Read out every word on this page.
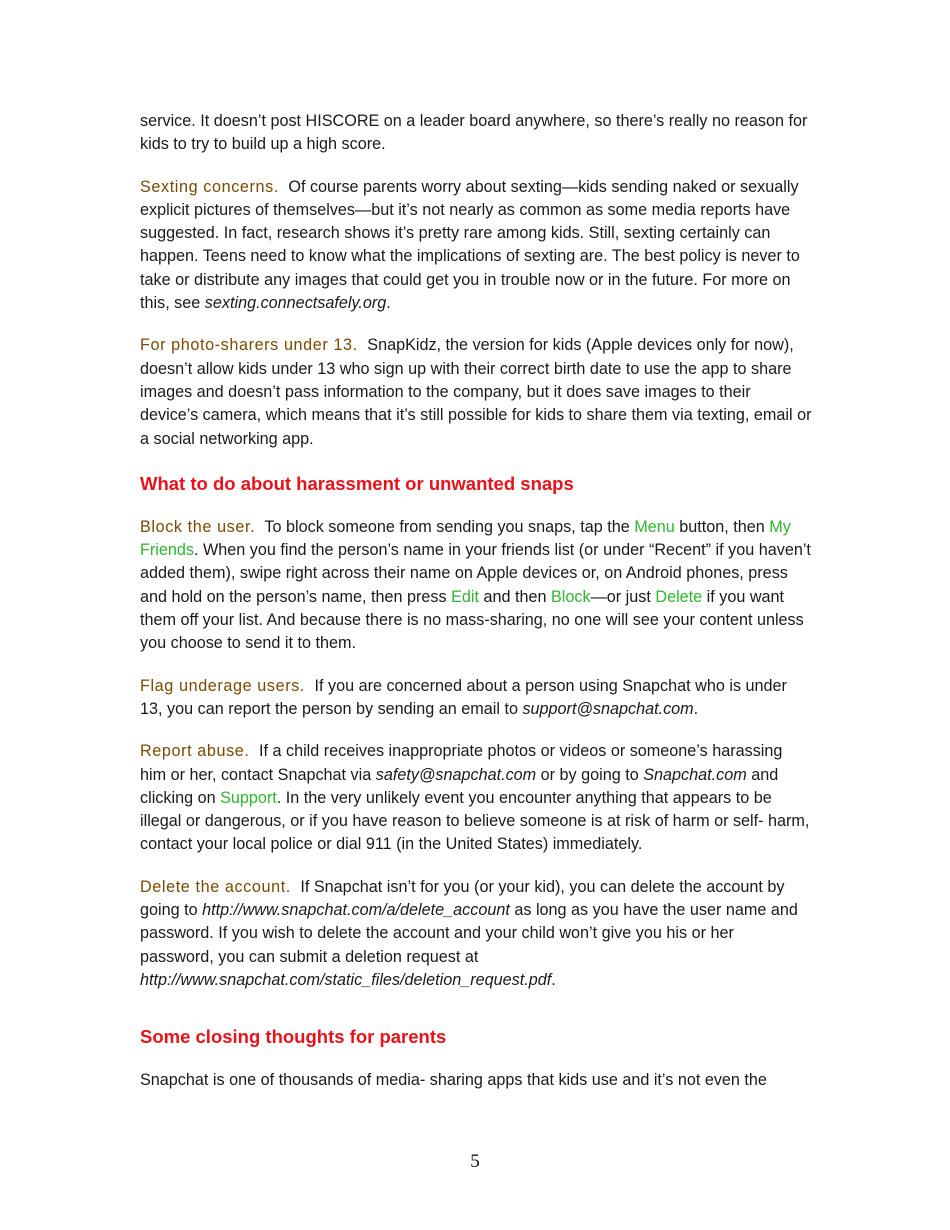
service. It doesn’t post HISCORE on a leader board anywhere, so there’s really no reason for kids to try to build up a high score.

Sexting concerns. Of course parents worry about sexting—kids sending naked or sexually explicit pictures of themselves—but it’s not nearly as common as some media reports have suggested. In fact, research shows it’s pretty rare among kids. Still, sexting certainly can happen. Teens need to know what the implications of sexting are. The best policy is never to take or distribute any images that could get you in trouble now or in the future. For more on this, see sexting.connectsafely.org.

For photo-sharers under 13. SnapKidz, the version for kids (Apple devices only for now), doesn’t allow kids under 13 who sign up with their correct birth date to use the app to share images and doesn’t pass information to the company, but it does save images to their device’s camera, which means that it’s still possible for kids to share them via texting, email or a social networking app.

What to do about harassment or unwanted snaps

Block the user. To block someone from sending you snaps, tap the Menu button, then My Friends. When you find the person’s name in your friends list (or under “Recent” if you haven’t added them), swipe right across their name on Apple devices or, on Android phones, press and hold on the person’s name, then press Edit and then Block—or just Delete if you want them off your list. And because there is no mass-sharing, no one will see your content unless you choose to send it to them.

Flag underage users. If you are concerned about a person using Snapchat who is under 13, you can report the person by sending an email to support@snapchat.com.

Report abuse. If a child receives inappropriate photos or videos or someone’s harassing him or her, contact Snapchat via safety@snapchat.com or by going to Snapchat.com and clicking on Support. In the very unlikely event you encounter anything that appears to be illegal or dangerous, or if you have reason to believe someone is at risk of harm or self- harm, contact your local police or dial 911 (in the United States) immediately.

Delete the account. If Snapchat isn’t for you (or your kid), you can delete the account by going to http://www.snapchat.com/a/delete_account as long as you have the user name and password. If you wish to delete the account and your child won’t give you his or her password, you can submit a deletion request at http://www.snapchat.com/static_files/deletion_request.pdf.

Some closing thoughts for parents

Snapchat is one of thousands of media- sharing apps that kids use and it’s not even the

5
